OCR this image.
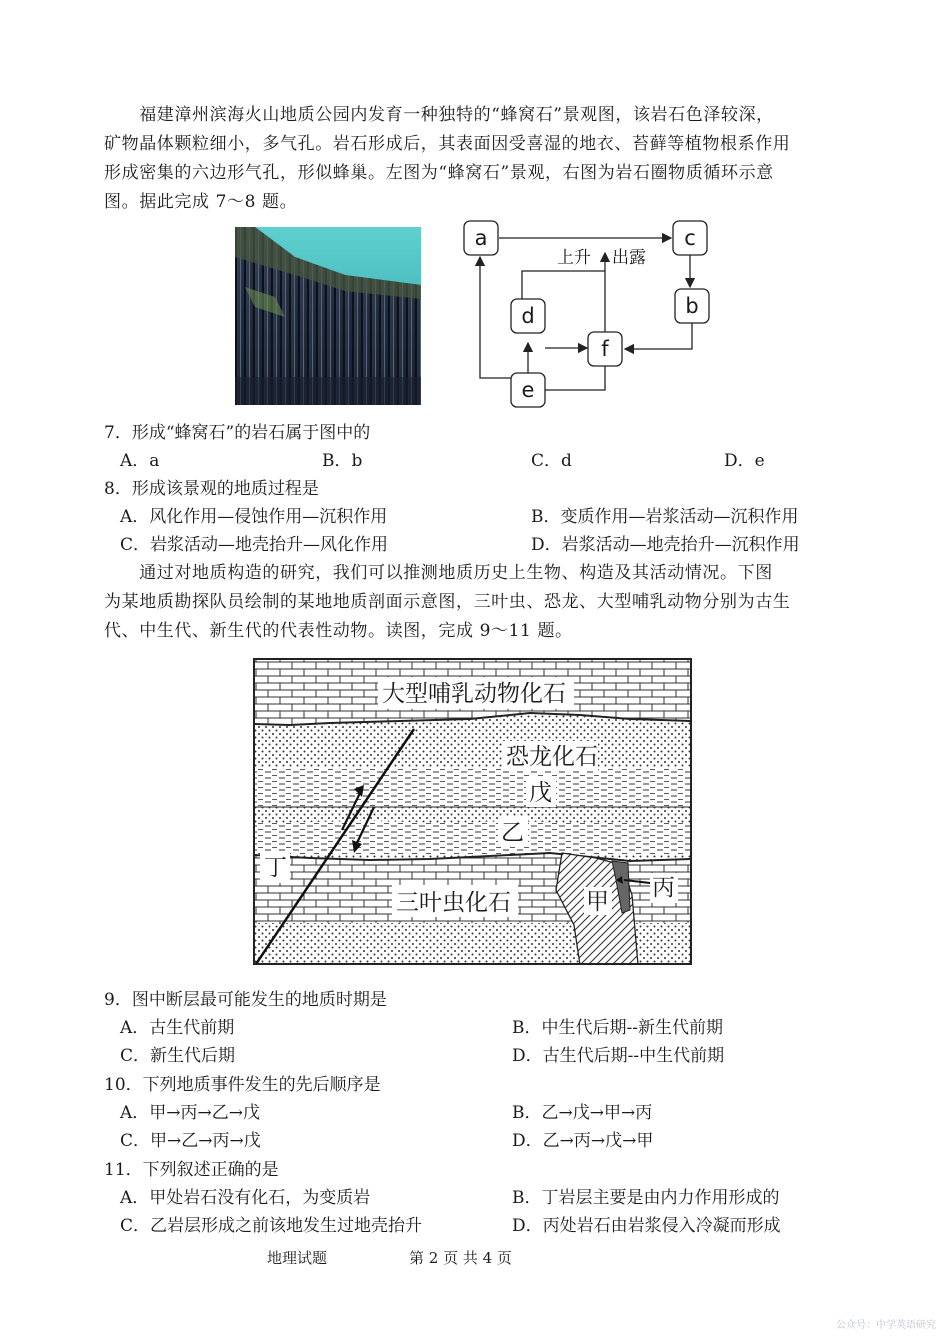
　　福建漳州滨海火山地质公园内发育一种独特的“蜂窝石”景观图，该岩石色泽较深，
矿物晶体颗粒细小，多气孔。岩石形成后，其表面因受喜湿的地衣、苔藓等植物根系作用
形成密集的六边形气孔，形似蜂巢。左图为“蜂窝石”景观，右图为岩石圈物质循环示意
图。据此完成 7～8 题。
a	c
b
d
f
e
上升 出露
7．形成“蜂窝石”的岩石属于图中的
A．a	B．b	C．d	D．e
8．形成该景观的地质过程是
A．风化作用—侵蚀作用—沉积作用	B．变质作用—岩浆活动—沉积作用
C．岩浆活动—地壳抬升—风化作用	D．岩浆活动—地壳抬升—沉积作用
　　通过对地质构造的研究，我们可以推测地质历史上生物、构造及其活动情况。下图
为某地质勘探队员绘制的某地地质剖面示意图，三叶虫、恐龙、大型哺乳动物分别为古生
代、中生代、新生代的代表性动物。读图，完成 9～11 题。
大型哺乳动物化石
恐龙化石
戊
乙
丁
三叶虫化石	甲
丙
9．图中断层最可能发生的地质时期是
A．古生代前期	B．中生代后期--新生代前期
C．新生代后期	D．古生代后期--中生代前期
10．下列地质事件发生的先后顺序是
A．甲→丙→乙→戊	B．乙→戊→甲→丙
C．甲→乙→丙→戊	D．乙→丙→戊→甲
11．下列叙述正确的是
A．甲处岩石没有化石，为变质岩	B．丁岩层主要是由内力作用形成的
C．乙岩层形成之前该地发生过地壳抬升	D．丙处岩石由岩浆侵入冷凝而形成
地理试题	第 2 页 共 4 页
公众号：中学英语研究
